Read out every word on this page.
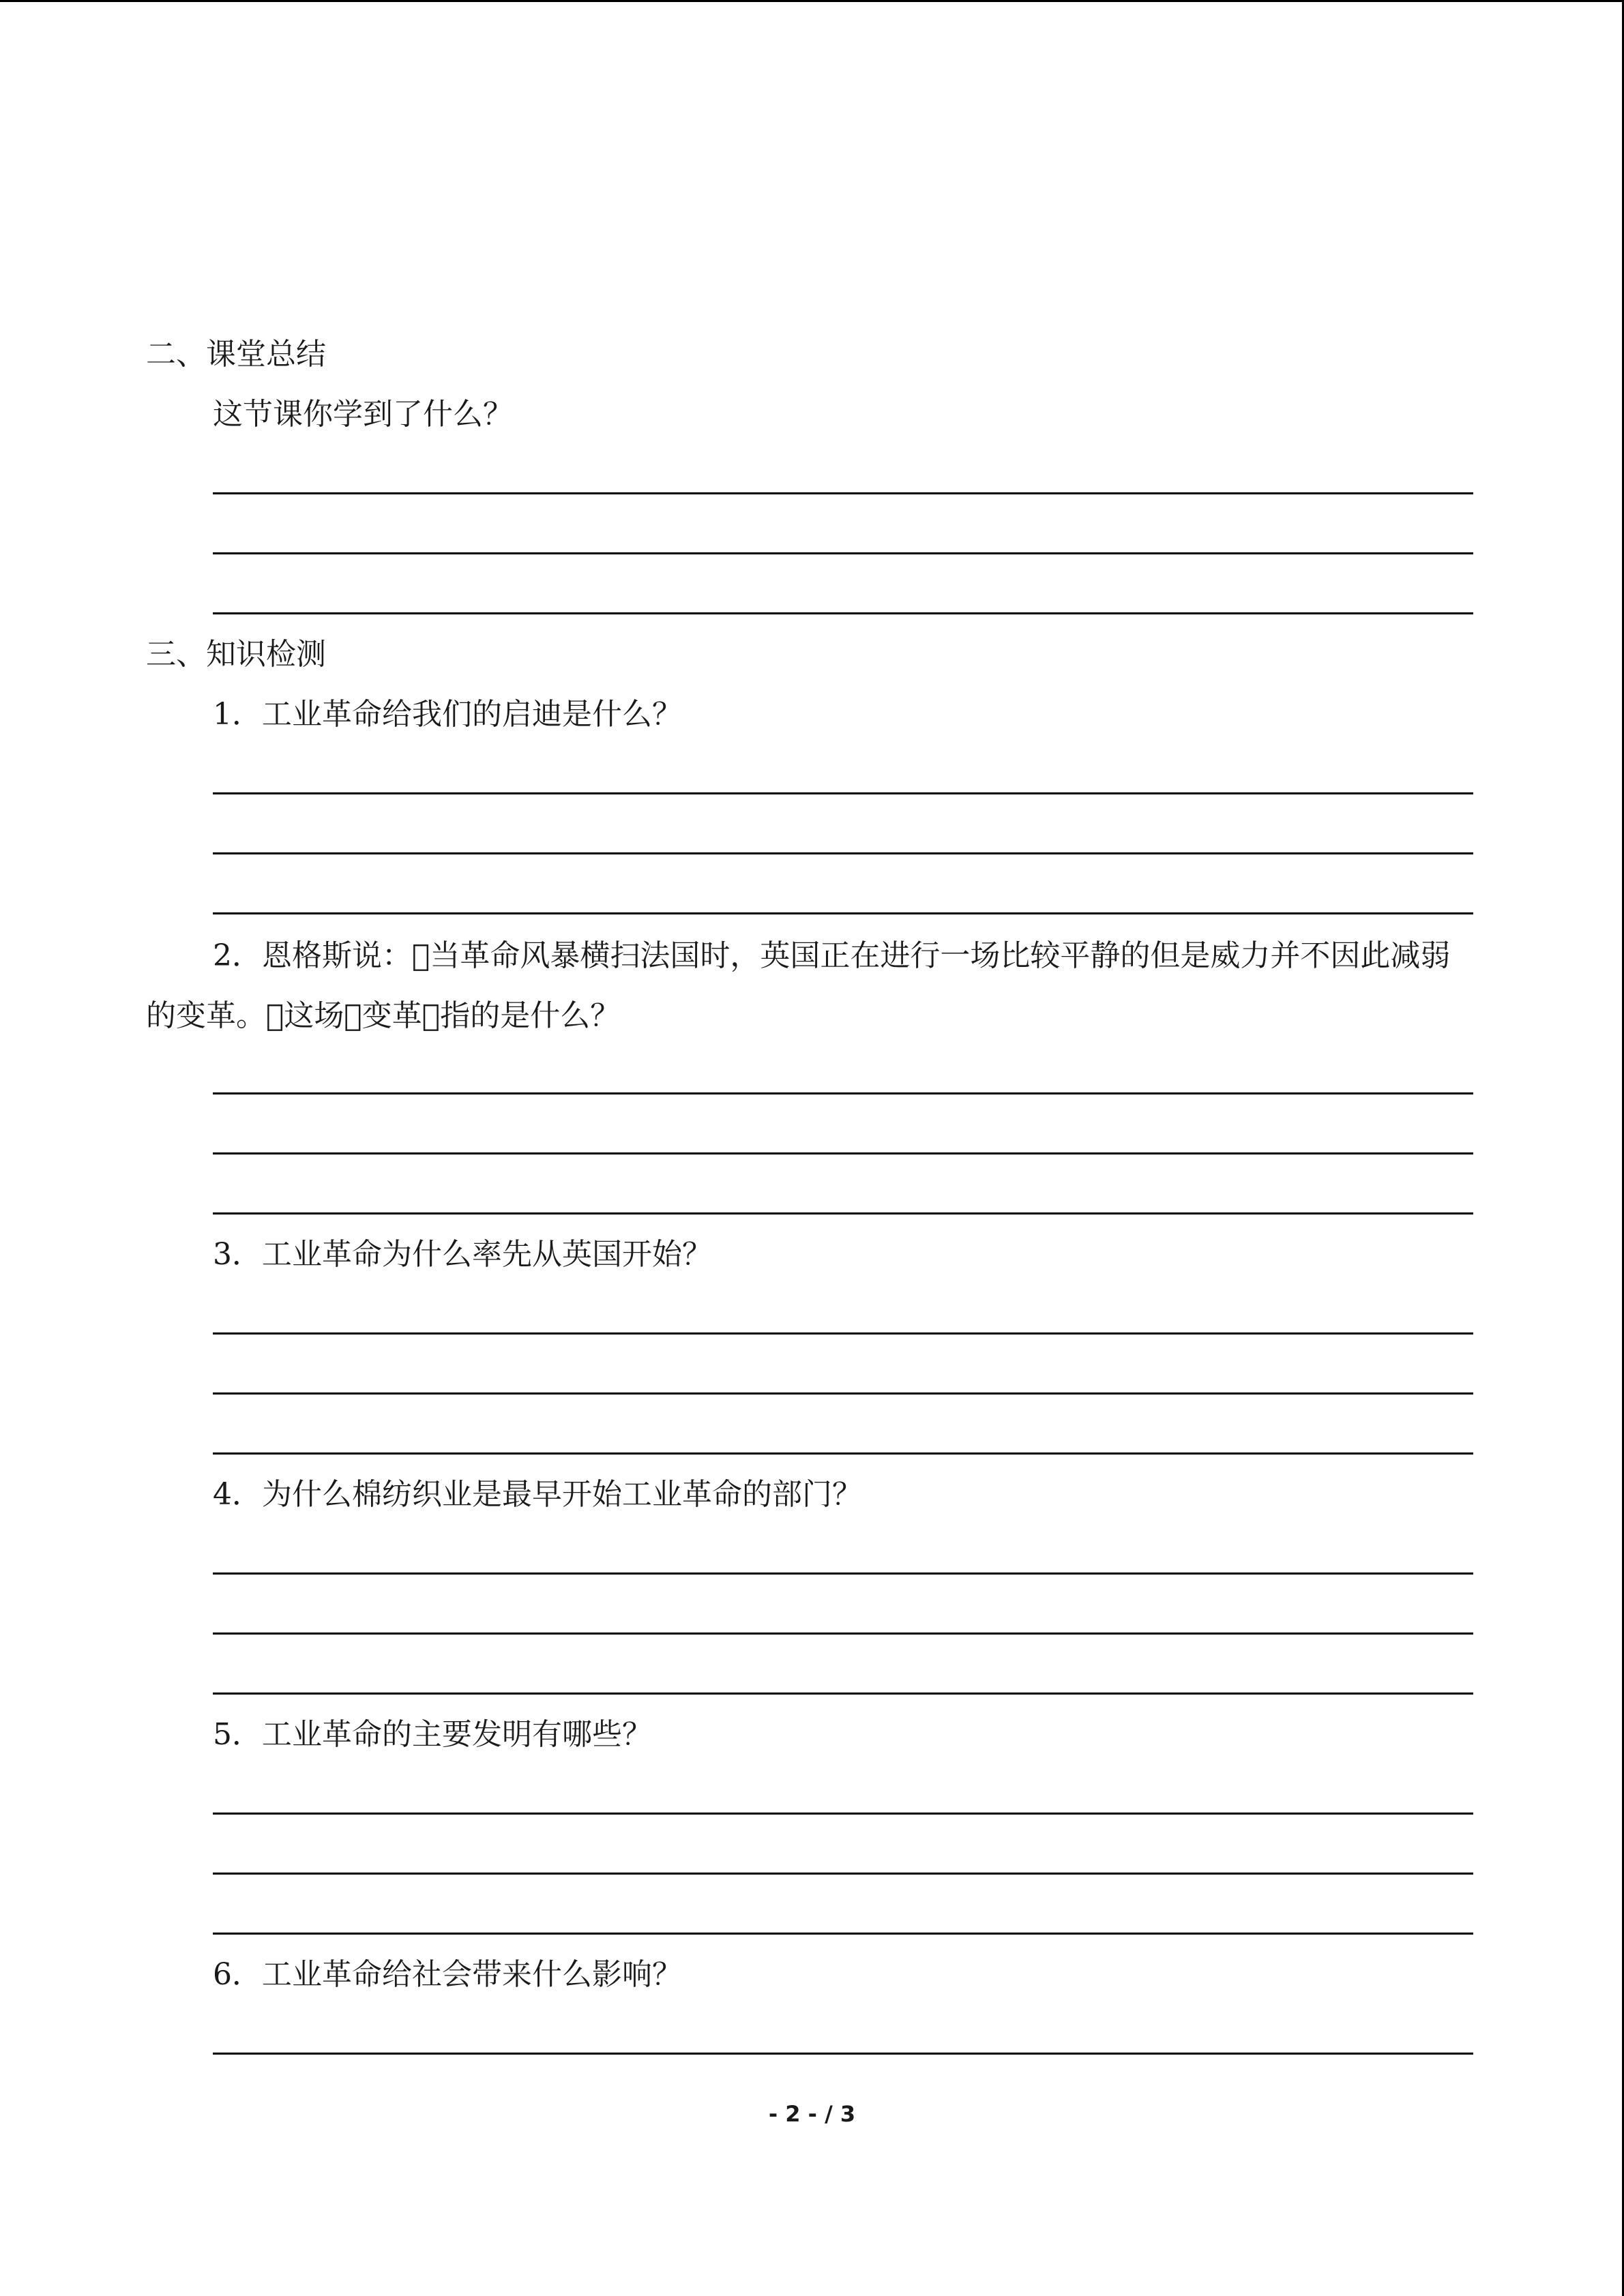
二、课堂总结
这节课你学到了什么？
三、知识检测
1．工业革命给我们的启迪是什么？
2．恩格斯说： 当革命风暴横扫法国时，英国正在进行一场比较平静的但是威力并不因此减弱的变革。 这场 变革 指的是什么？
3．工业革命为什么率先从英国开始？
4．为什么棉纺织业是最早开始工业革命的部门？
5．工业革命的主要发明有哪些？
6．工业革命给社会带来什么影响？
- 2 - / 3
